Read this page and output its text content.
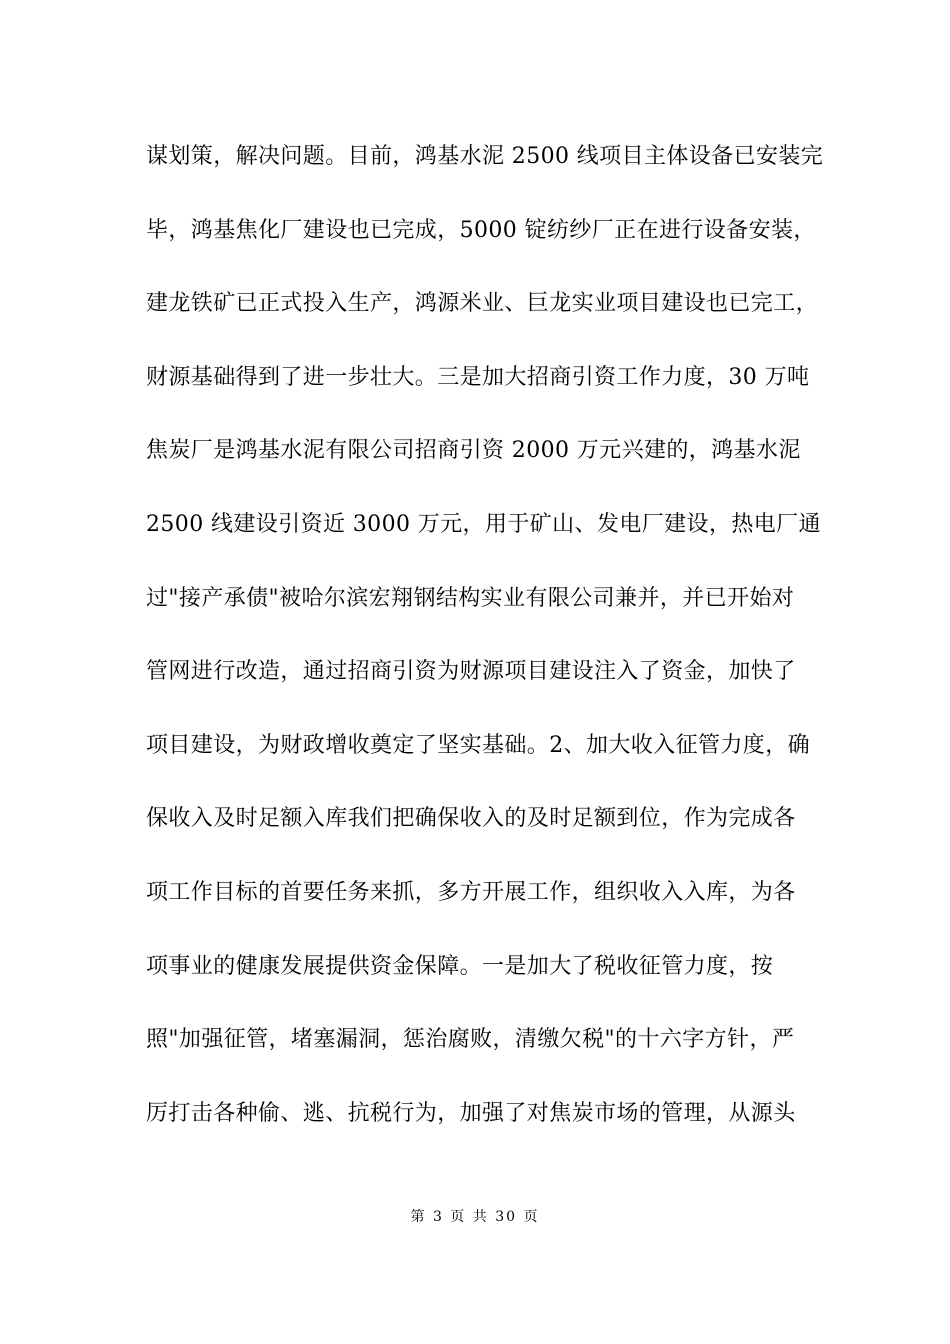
谋划策，解决问题。目前，鸿基水泥 2500 线项目主体设备已安装完
毕，鸿基焦化厂建设也已完成，5000 锭纺纱厂正在进行设备安装，
建龙铁矿已正式投入生产，鸿源米业、巨龙实业项目建设也已完工，
财源基础得到了进一步壮大。三是加大招商引资工作力度，30 万吨
焦炭厂是鸿基水泥有限公司招商引资 2000 万元兴建的，鸿基水泥
2500 线建设引资近 3000 万元，用于矿山、发电厂建设，热电厂通
过"接产承债"被哈尔滨宏翔钢结构实业有限公司兼并，并已开始对
管网进行改造，通过招商引资为财源项目建设注入了资金，加快了
项目建设，为财政增收奠定了坚实基础。2、加大收入征管力度，确
保收入及时足额入库我们把确保收入的及时足额到位，作为完成各
项工作目标的首要任务来抓，多方开展工作，组织收入入库，为各
项事业的健康发展提供资金保障。一是加大了税收征管力度，按
照"加强征管，堵塞漏洞，惩治腐败，清缴欠税"的十六字方针，严
厉打击各种偷、逃、抗税行为，加强了对焦炭市场的管理，从源头
第 3 页 共 30 页
